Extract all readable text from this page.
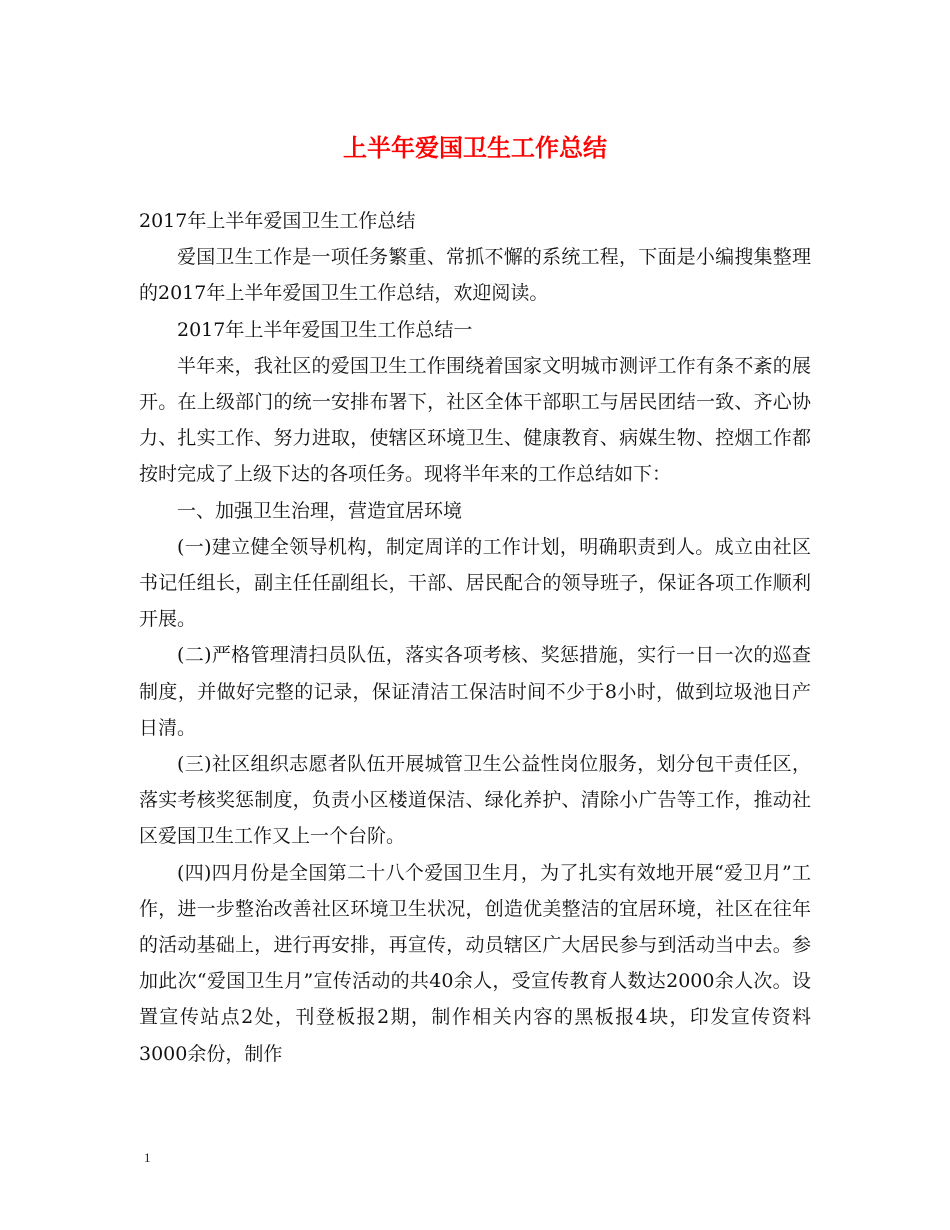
上半年爱国卫生工作总结

2017年上半年爱国卫生工作总结

爱国卫生工作是一项任务繁重、常抓不懈的系统工程，下面是小编搜集整理的2017年上半年爱国卫生工作总结，欢迎阅读。

2017年上半年爱国卫生工作总结一

半年来，我社区的爱国卫生工作围绕着国家文明城市测评工作有条不紊的展开。在上级部门的统一安排布署下，社区全体干部职工与居民团结一致、齐心协力、扎实工作、努力进取，使辖区环境卫生、健康教育、病媒生物、控烟工作都按时完成了上级下达的各项任务。现将半年来的工作总结如下：

一、加强卫生治理，营造宜居环境

(一)建立健全领导机构，制定周详的工作计划，明确职责到人。成立由社区书记任组长，副主任任副组长，干部、居民配合的领导班子，保证各项工作顺利开展。

(二)严格管理清扫员队伍，落实各项考核、奖惩措施，实行一日一次的巡查制度，并做好完整的记录，保证清洁工保洁时间不少于8小时，做到垃圾池日产日清。

(三)社区组织志愿者队伍开展城管卫生公益性岗位服务，划分包干责任区，落实考核奖惩制度，负责小区楼道保洁、绿化养护、清除小广告等工作，推动社区爱国卫生工作又上一个台阶。

(四)四月份是全国第二十八个爱国卫生月，为了扎实有效地开展“爱卫月”工作，进一步整治改善社区环境卫生状况，创造优美整洁的宜居环境，社区在往年的活动基础上，进行再安排，再宣传，动员辖区广大居民参与到活动当中去。参加此次“爱国卫生月”宣传活动的共40余人，受宣传教育人数达2000余人次。设置宣传站点2处，刊登板报2期，制作相关内容的黑板报4块，印发宣传资料3000余份，制作

1
